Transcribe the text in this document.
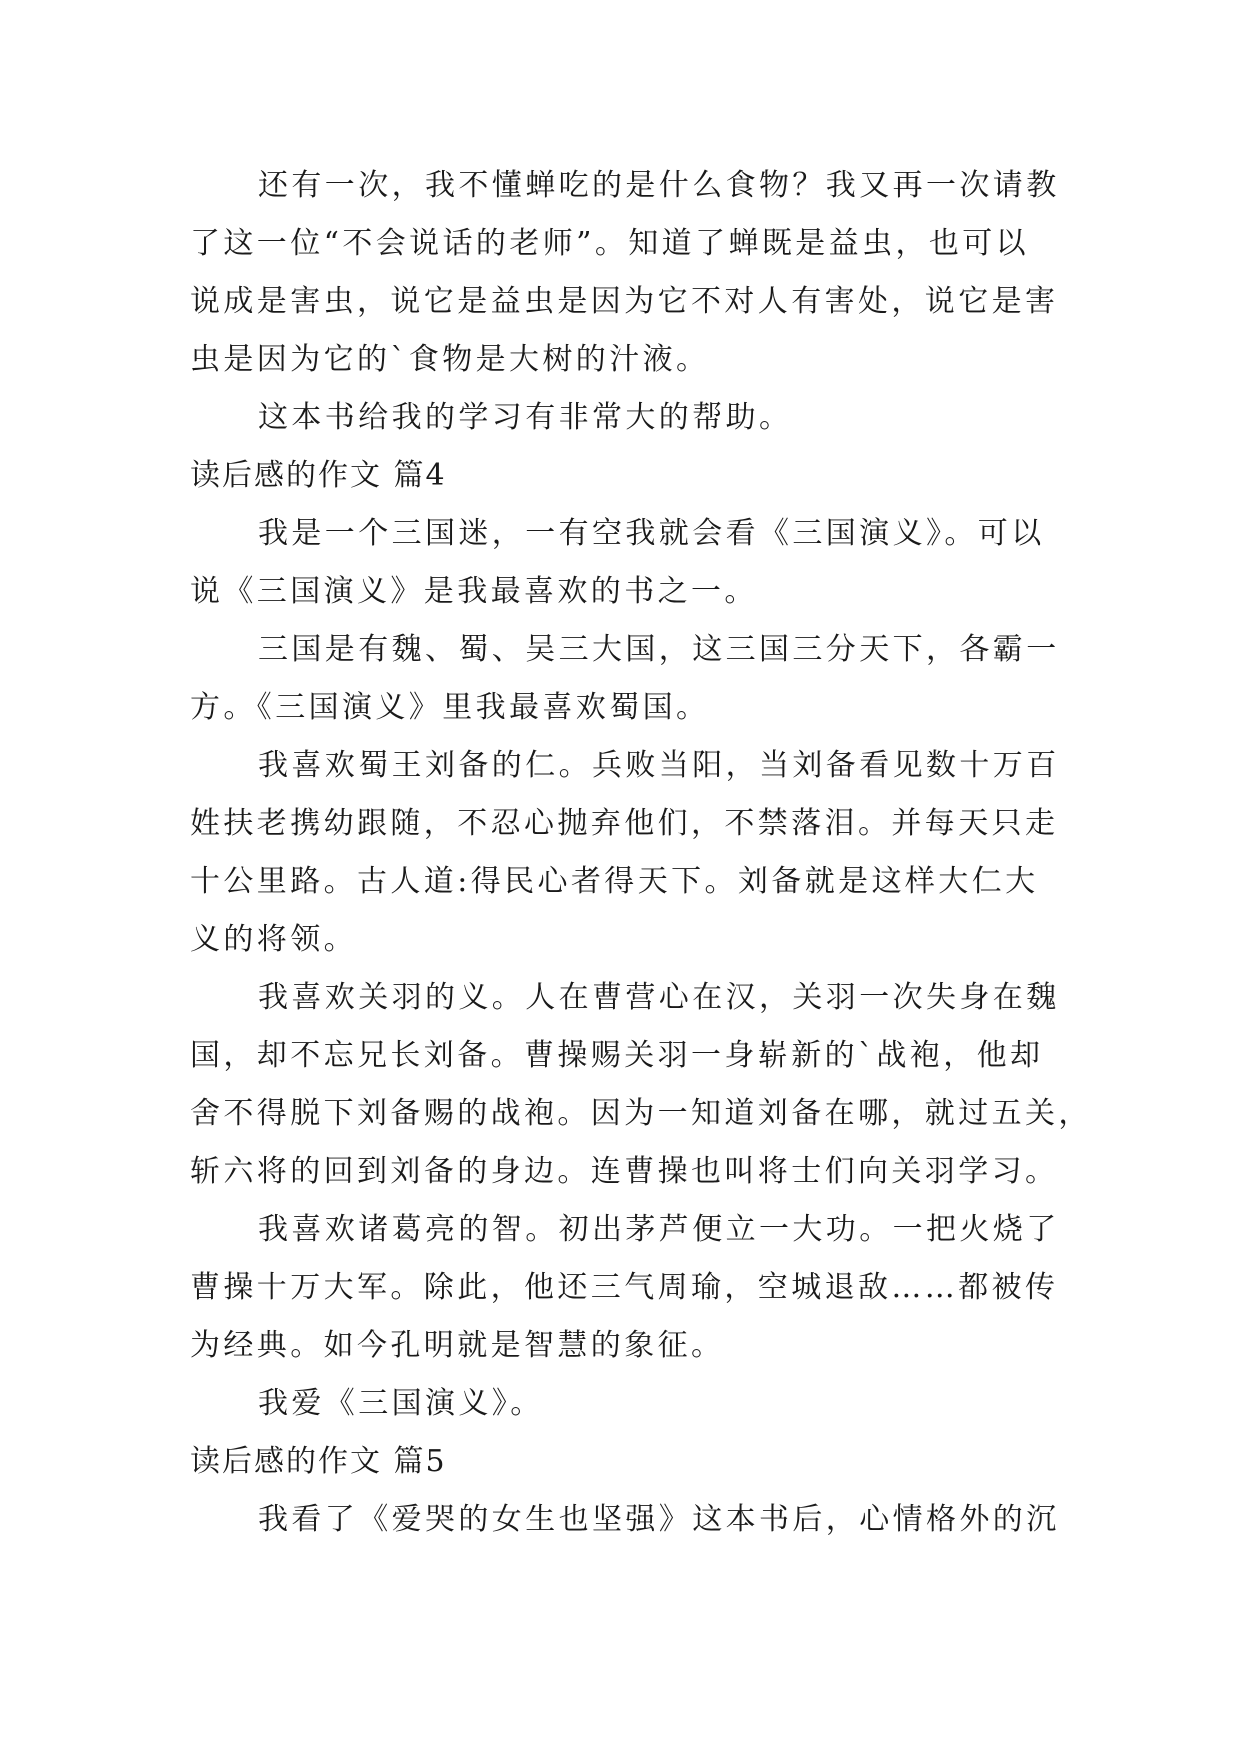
还有一次，我不懂蝉吃的是什么食物？我又再一次请教
了这一位“不会说话的老师”。知道了蝉既是益虫，也可以
说成是害虫，说它是益虫是因为它不对人有害处，说它是害
虫是因为它的`食物是大树的汁液。
这本书给我的学习有非常大的帮助。
读后感的作文 篇4
我是一个三国迷，一有空我就会看《三国演义》。可以
说《三国演义》是我最喜欢的书之一。
三国是有魏、蜀、吴三大国，这三国三分天下，各霸一
方。《三国演义》里我最喜欢蜀国。
我喜欢蜀王刘备的仁。兵败当阳，当刘备看见数十万百
姓扶老携幼跟随，不忍心抛弃他们，不禁落泪。并每天只走
十公里路。古人道:得民心者得天下。刘备就是这样大仁大
义的将领。
我喜欢关羽的义。人在曹营心在汉，关羽一次失身在魏
国，却不忘兄长刘备。曹操赐关羽一身崭新的`战袍，他却
舍不得脱下刘备赐的战袍。因为一知道刘备在哪，就过五关，
斩六将的回到刘备的身边。连曹操也叫将士们向关羽学习。
我喜欢诸葛亮的智。初出茅芦便立一大功。一把火烧了
曹操十万大军。除此，他还三气周瑜，空城退敌……都被传
为经典。如今孔明就是智慧的象征。
我爱《三国演义》。
读后感的作文 篇5
我看了《爱哭的女生也坚强》这本书后，心情格外的沉
